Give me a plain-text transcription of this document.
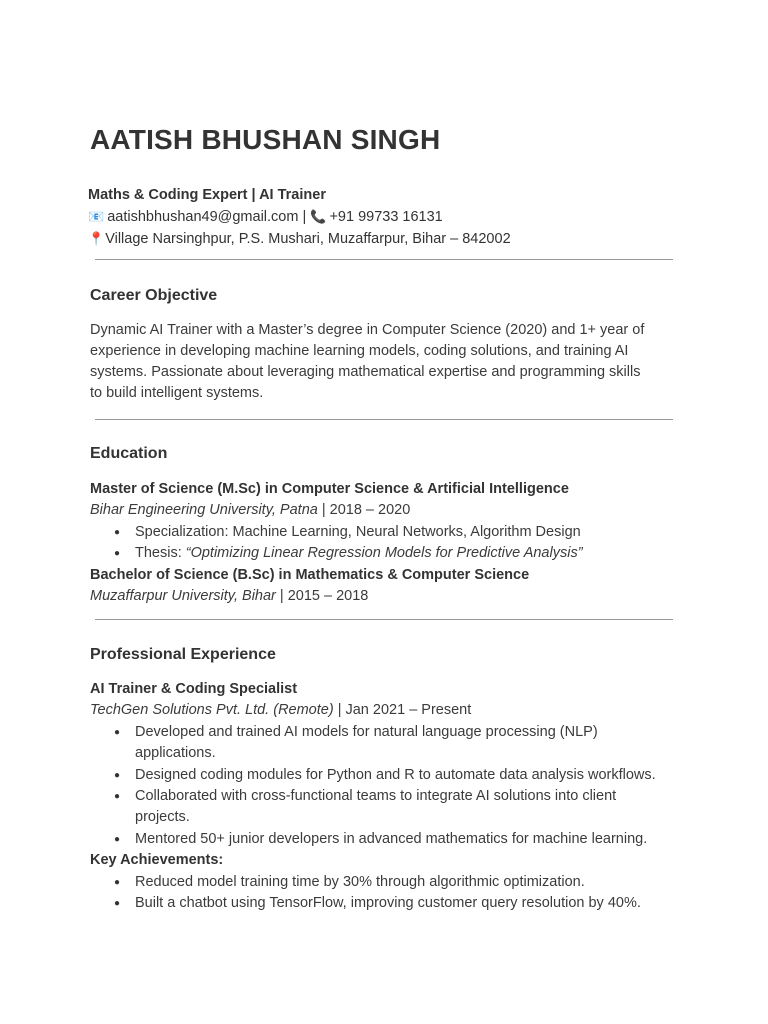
AATISH BHUSHAN SINGH
Maths & Coding Expert | AI Trainer
📧 aatishbhushan49@gmail.com | 📞 +91 99733 16131
📍Village Narsinghpur, P.S. Mushari, Muzaffarpur, Bihar – 842002
Career Objective
Dynamic AI Trainer with a Master’s degree in Computer Science (2020) and 1+ year of
experience in developing machine learning models, coding solutions, and training AI
systems. Passionate about leveraging mathematical expertise and programming skills
to build intelligent systems.
Education
Master of Science (M.Sc) in Computer Science & Artificial Intelligence
Bihar Engineering University, Patna | 2018 – 2020
● Specialization: Machine Learning, Neural Networks, Algorithm Design
● Thesis: “Optimizing Linear Regression Models for Predictive Analysis”
Bachelor of Science (B.Sc) in Mathematics & Computer Science
Muzaffarpur University, Bihar | 2015 – 2018
Professional Experience
AI Trainer & Coding Specialist
TechGen Solutions Pvt. Ltd. (Remote) | Jan 2021 – Present
● Developed and trained AI models for natural language processing (NLP)
applications.
● Designed coding modules for Python and R to automate data analysis workflows.
● Collaborated with cross-functional teams to integrate AI solutions into client
projects.
● Mentored 50+ junior developers in advanced mathematics for machine learning.
Key Achievements:
● Reduced model training time by 30% through algorithmic optimization.
● Built a chatbot using TensorFlow, improving customer query resolution by 40%.
